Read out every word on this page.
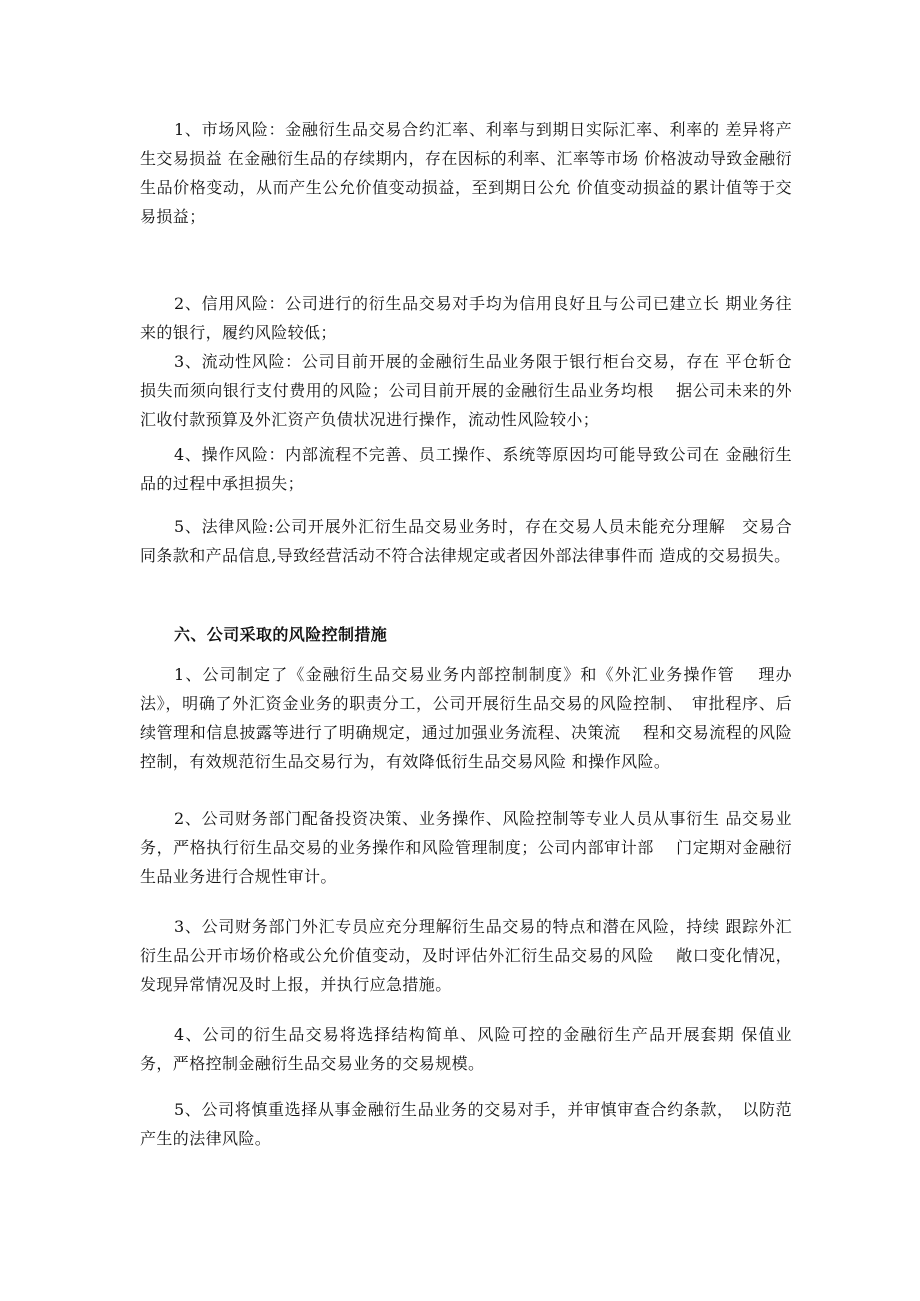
1、市场风险：金融衍生品交易合约汇率、利率与到期日实际汇率、利率的 差异将产生交易损益 在金融衍生品的存续期内，存在因标的利率、汇率等市场 价格波动导致金融衍生品价格变动，从而产生公允价值变动损益，至到期日公允 价值变动损益的累计值等于交易损益；

2、信用风险：公司进行的衍生品交易对手均为信用良好且与公司已建立长 期业务往来的银行，履约风险较低；

3、流动性风险：公司目前开展的金融衍生品业务限于银行柜台交易，存在 平仓斩仓损失而须向银行支付费用的风险；公司目前开展的金融衍生品业务均根　 据公司未来的外汇收付款预算及外汇资产负债状况进行操作，流动性风险较小；

4、操作风险：内部流程不完善、员工操作、系统等原因均可能导致公司在 金融衍生品的过程中承担损失；

5、法律风险:公司开展外汇衍生品交易业务时，存在交易人员未能充分理解　交易合同条款和产品信息,导致经营活动不符合法律规定或者因外部法律事件而 造成的交易损失。

六、公司采取的风险控制措施

1、公司制定了《金融衍生品交易业务内部控制制度》和《外汇业务操作管　 理办法》，明确了外汇资金业务的职责分工，公司开展衍生品交易的风险控制、　审批程序、后续管理和信息披露等进行了明确规定，通过加强业务流程、决策流　 程和交易流程的风险控制，有效规范衍生品交易行为，有效降低衍生品交易风险 和操作风险。

2、公司财务部门配备投资决策、业务操作、风险控制等专业人员从事衍生 品交易业务，严格执行衍生品交易的业务操作和风险管理制度；公司内部审计部　 门定期对金融衍生品业务进行合规性审计。

3、公司财务部门外汇专员应充分理解衍生品交易的特点和潜在风险，持续 跟踪外汇衍生品公开市场价格或公允价值变动，及时评估外汇衍生品交易的风险　 敞口变化情况，发现异常情况及时上报，并执行应急措施。

4、公司的衍生品交易将选择结构简单、风险可控的金融衍生产品开展套期 保值业务，严格控制金融衍生品交易业务的交易规模。

5、公司将慎重选择从事金融衍生品业务的交易对手，并审慎审查合约条款，　以防范产生的法律风险。
